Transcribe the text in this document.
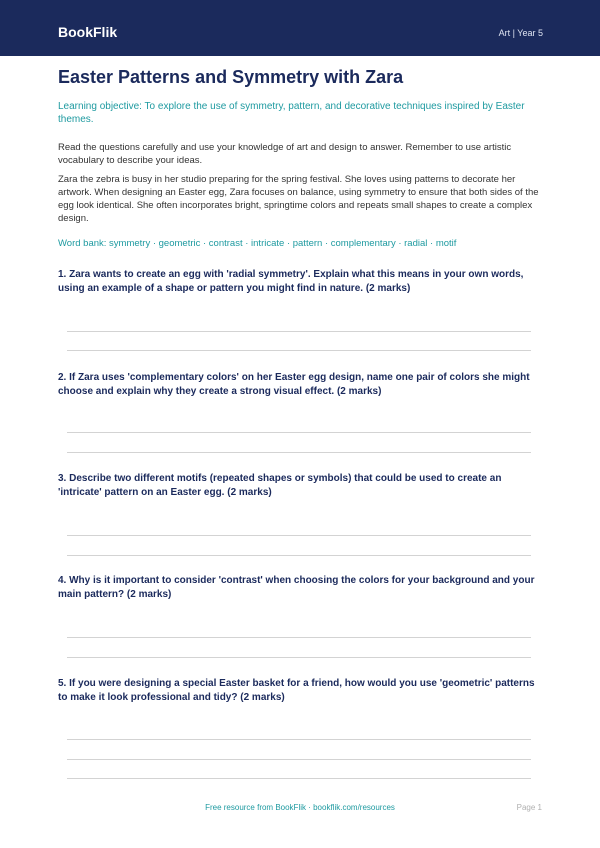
BookFlik	Art | Year 5
Easter Patterns and Symmetry with Zara

Learning objective: To explore the use of symmetry, pattern, and decorative techniques inspired by Easter themes.

Read the questions carefully and use your knowledge of art and design to answer. Remember to use artistic vocabulary to describe your ideas.

Zara the zebra is busy in her studio preparing for the spring festival. She loves using patterns to decorate her artwork. When designing an Easter egg, Zara focuses on balance, using symmetry to ensure that both sides of the egg look identical. She often incorporates bright, springtime colors and repeats small shapes to create a complex design.

Word bank: symmetry · geometric · contrast · intricate · pattern · complementary · radial · motif

1. Zara wants to create an egg with 'radial symmetry'. Explain what this means in your own words, using an example of a shape or pattern you might find in nature. (2 marks)

2. If Zara uses 'complementary colors' on her Easter egg design, name one pair of colors she might choose and explain why they create a strong visual effect. (2 marks)

3. Describe two different motifs (repeated shapes or symbols) that could be used to create an 'intricate' pattern on an Easter egg. (2 marks)

4. Why is it important to consider 'contrast' when choosing the colors for your background and your main pattern? (2 marks)

5. If you were designing a special Easter basket for a friend, how would you use 'geometric' patterns to make it look professional and tidy? (2 marks)

Free resource from BookFlik · bookflik.com/resources	Page 1
